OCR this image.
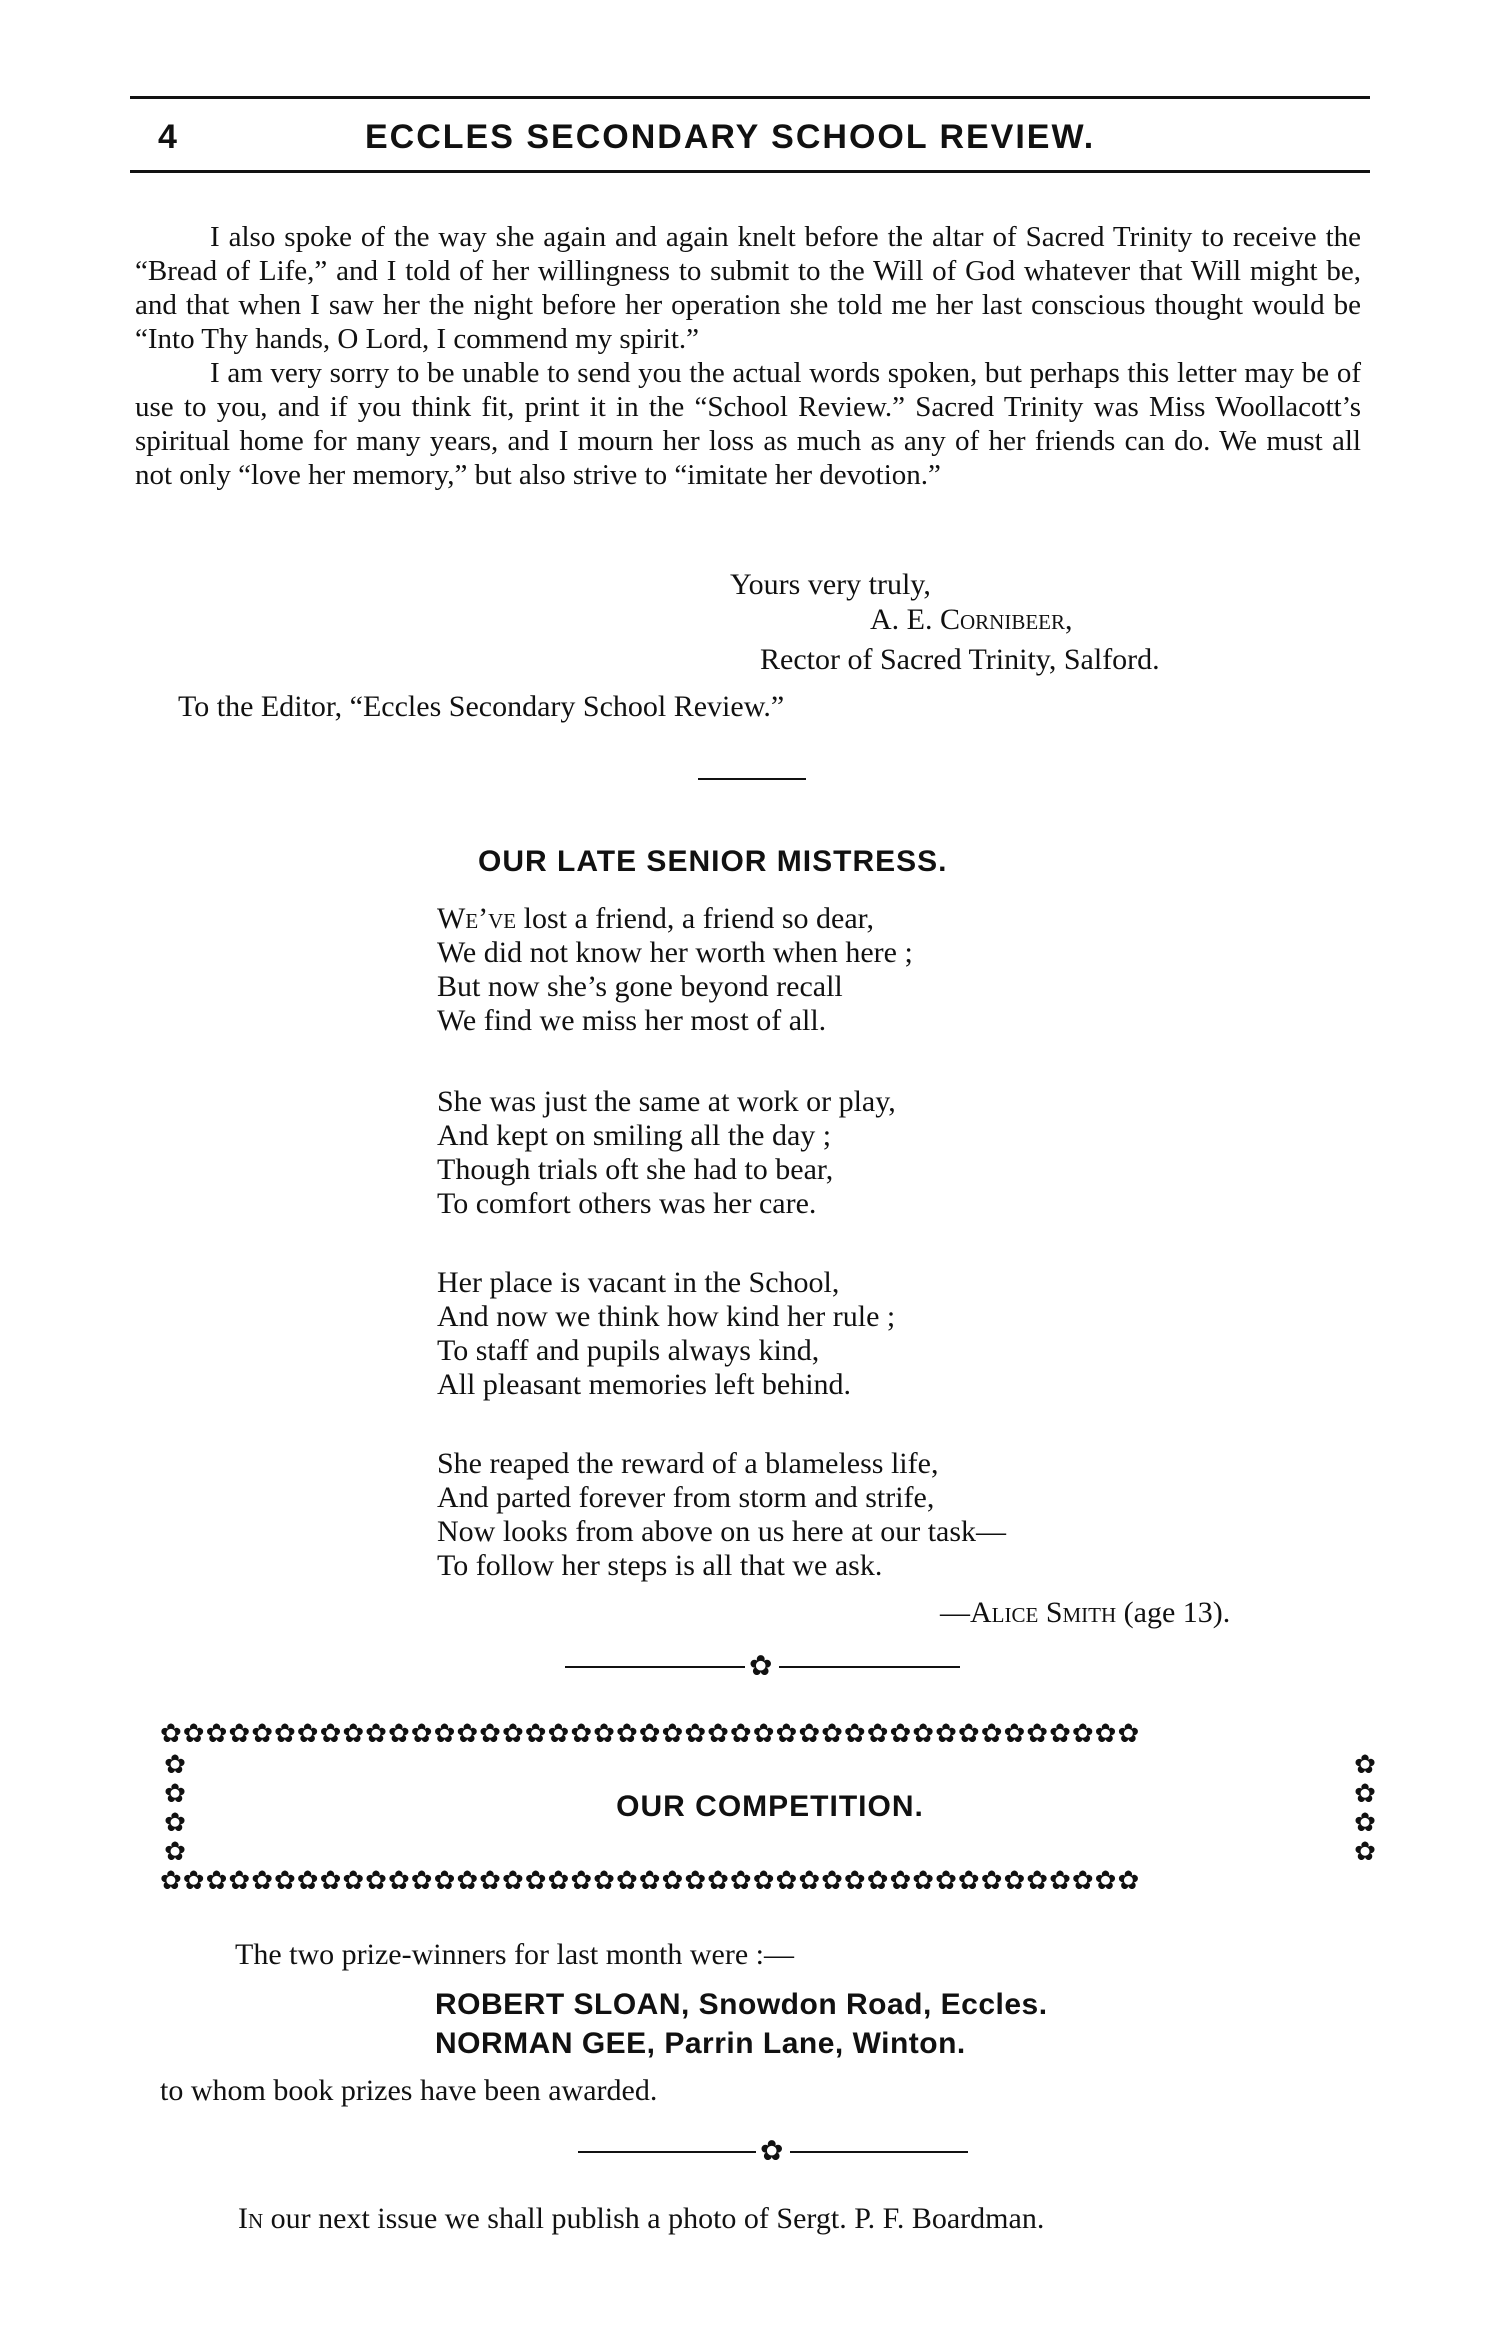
4	ECCLES SECONDARY SCHOOL REVIEW.

I also spoke of the way she again and again knelt before the altar of Sacred Trinity to receive the “Bread of Life,” and I told of her willingness to submit to the Will of God whatever that Will might be, and that when I saw her the night before her operation she told me her last conscious thought would be “Into Thy hands, O Lord, I commend my spirit.”

I am very sorry to be unable to send you the actual words spoken, but perhaps this letter may be of use to you, and if you think fit, print it in the “School Review.” Sacred Trinity was Miss Woollacott’s spiritual home for many years, and I mourn her loss as much as any of her friends can do. We must all not only “love her memory,” but also strive to “imitate her devotion.”

Yours very truly,
A. E. Cornibeer,
Rector of Sacred Trinity, Salford.
To the Editor, “Eccles Secondary School Review.”
OUR LATE SENIOR MISTRESS.
We’ve lost a friend, a friend so dear,
We did not know her worth when here ;
But now she’s gone beyond recall
We find we miss her most of all.
She was just the same at work or play,
And kept on smiling all the day ;
Though trials oft she had to bear,
To comfort others was her care.
Her place is vacant in the School,
And now we think how kind her rule ;
To staff and pupils always kind,
All pleasant memories left behind.
She reaped the reward of a blameless life,
And parted forever from storm and strife,
Now looks from above on us here at our task—
To follow her steps is all that we ask.
—Alice Smith (age 13).
✿
✿✿✿✿✿✿✿✿✿✿✿✿✿✿✿✿✿✿✿✿✿✿✿✿✿✿✿✿✿✿✿✿✿✿✿✿✿✿✿✿✿✿✿
✿
✿
✿
✿
✿
✿
✿
✿
OUR COMPETITION.
✿✿✿✿✿✿✿✿✿✿✿✿✿✿✿✿✿✿✿✿✿✿✿✿✿✿✿✿✿✿✿✿✿✿✿✿✿✿✿✿✿✿✿
The two prize-winners for last month were :—
ROBERT SLOAN, Snowdon Road, Eccles.
NORMAN GEE, Parrin Lane, Winton.
to whom book prizes have been awarded.
✿
In our next issue we shall publish a photo of Sergt. P. F. Boardman.
